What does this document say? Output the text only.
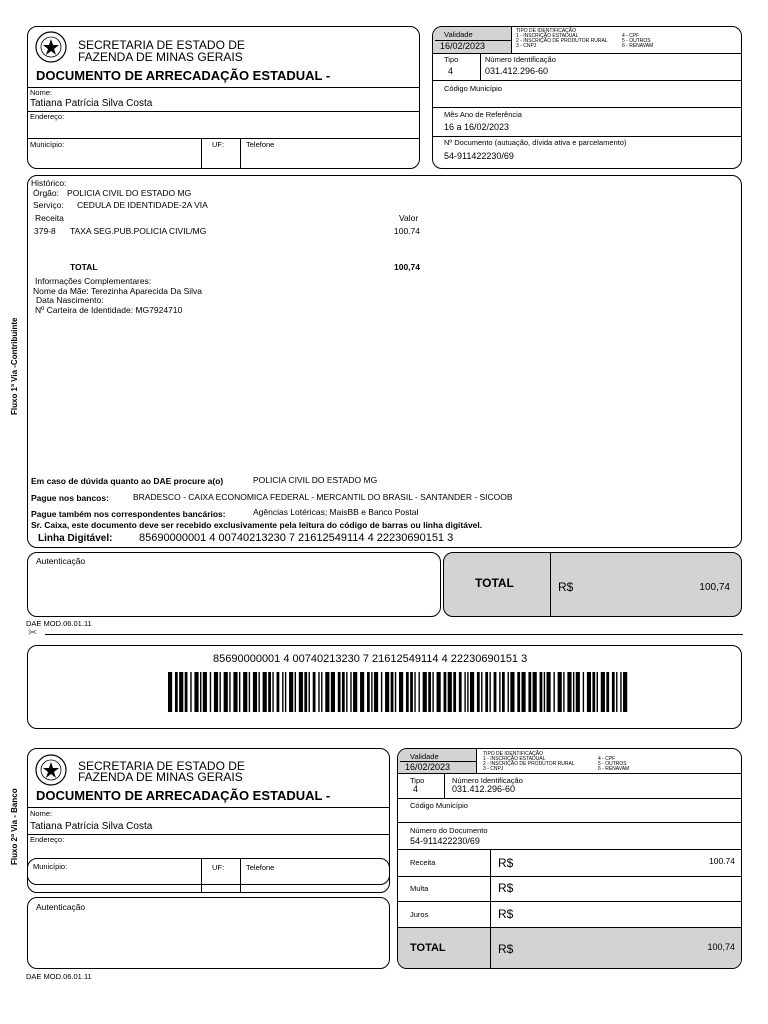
Fluxo 1ª Via -Contribuinte
SECRETARIA DE ESTADO DE
FAZENDA DE MINAS GERAIS
DOCUMENTO DE ARRECADAÇÃO ESTADUAL -
Nome:
Tatiana Patrícia Silva Costa
Endereço:
Município:	UF:	Telefone
Validade
16/02/2023
TIPO DE IDENTIFICAÇÃO
1 - INSCRIÇÃO ESTADUAL
2 - INSCRIÇÃO DE PRODUTOR RURAL
3 - CNPJ
4 - CPF
5 - OUTROS
6 - RENAVAM
Tipo
4
Número Identificação
031.412.296-60
Código Município
Mês Ano de Referência
16 a 16/02/2023
Nº Documento (autuação, dívida ativa e parcelamento)
54-911422230/69
Histórico:
Órgão: POLICIA CIVIL DO ESTADO MG
Serviço: CEDULA DE IDENTIDADE-2A VIA
Receita	Valor
379-8 TAXA SEG.PUB.POLICIA CIVIL/MG	100.74
TOTAL	100,74
Informações Complementares:
Nome da Mãe: Terezinha Aparecida Da Silva
Data Nascimento:
Nº Carteira de Identidade: MG7924710
Em caso de dúvida quanto ao DAE procure a(o)	POLICIA CIVIL DO ESTADO MG
Pague nos bancos:	BRADESCO - CAIXA ECONOMICA FEDERAL - MERCANTIL DO BRASIL - SANTANDER - SICOOB
Pague também nos correspondentes bancários:	Agências Lotéricas; MaisBB e Banco Postal
Sr. Caixa, este documento deve ser recebido exclusivamente pela leitura do código de barras ou linha digitável.
Linha Digitável: 85690000001 4 00740213230 7 21612549114 4 22230690151 3
Autenticação
TOTAL	R$	100,74
DAE MOD.06.01.11
✂
85690000001 4 00740213230 7 21612549114 4 22230690151 3
Fluxo 2ª Via - Banco
SECRETARIA DE ESTADO DE
FAZENDA DE MINAS GERAIS
DOCUMENTO DE ARRECADAÇÃO ESTADUAL -
Nome:
Tatiana Patrícia Silva Costa
Endereço:
Município:	UF:	Telefone
Autenticação
DAE MOD.06.01.11
Validade
16/02/2023
TIPO DE IDENTIFICAÇÃO
1 - INSCRIÇÃO ESTADUAL
2 - INSCRIÇÃO DE PRODUTOR RURAL
3 - CNPJ
4 - CPF
5 - OUTROS
6 - RENAVAM
Tipo
4
Número Identificação
031.412.296-60
Código Município
Número do Documento
54-911422230/69
Receita	R$	100.74
Multa	R$
Juros	R$
TOTAL	R$	100,74
